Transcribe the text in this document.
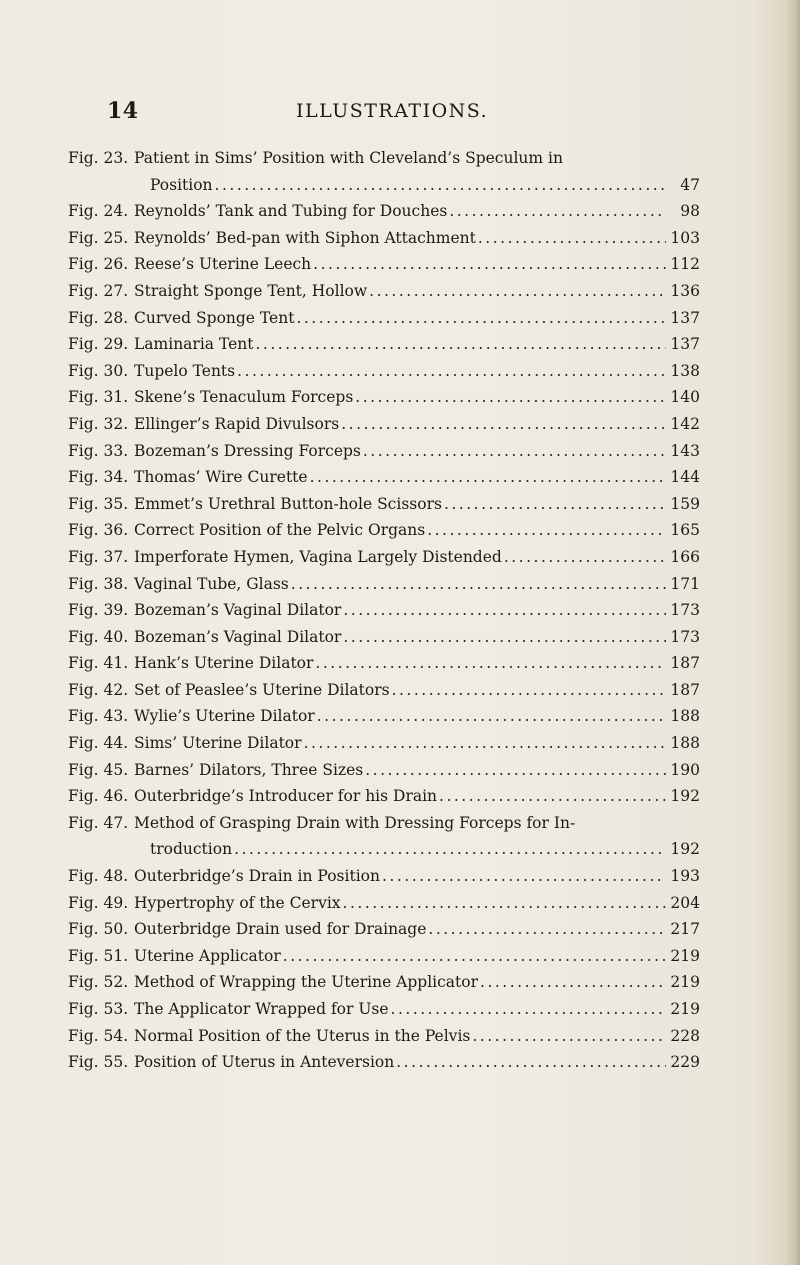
14	ILLUSTRATIONS.
Fig. 23. Patient in Sims’ Position with Cleveland’s Speculum in
Position .....	47
Fig. 24. Reynolds’ Tank and Tubing for Douches .....	98
Fig. 25. Reynolds’ Bed-pan with Siphon Attachment .....	103
Fig. 26. Reese’s Uterine Leech .....	112
Fig. 27. Straight Sponge Tent, Hollow .....	136
Fig. 28. Curved Sponge Tent .....	137
Fig. 29. Laminaria Tent .....	137
Fig. 30. Tupelo Tents .....	138
Fig. 31. Skene’s Tenaculum Forceps .....	140
Fig. 32. Ellinger’s Rapid Divulsors .....	142
Fig. 33. Bozeman’s Dressing Forceps .....	143
Fig. 34. Thomas’ Wire Curette .....	144
Fig. 35. Emmet’s Urethral Button-hole Scissors .....	159
Fig. 36. Correct Position of the Pelvic Organs .....	165
Fig. 37. Imperforate Hymen, Vagina Largely Distended .....	166
Fig. 38. Vaginal Tube, Glass .....	171
Fig. 39. Bozeman’s Vaginal Dilator .....	173
Fig. 40. Bozeman’s Vaginal Dilator .....	173
Fig. 41. Hank’s Uterine Dilator .....	187
Fig. 42. Set of Peaslee’s Uterine Dilators .....	187
Fig. 43. Wylie’s Uterine Dilator .....	188
Fig. 44. Sims’ Uterine Dilator .....	188
Fig. 45. Barnes’ Dilators, Three Sizes .....	190
Fig. 46. Outerbridge’s Introducer for his Drain .....	192
Fig. 47. Method of Grasping Drain with Dressing Forceps for In-
troduction .....	192
Fig. 48. Outerbridge’s Drain in Position .....	193
Fig. 49. Hypertrophy of the Cervix .....	204
Fig. 50. Outerbridge Drain used for Drainage .....	217
Fig. 51. Uterine Applicator .....	219
Fig. 52. Method of Wrapping the Uterine Applicator .....	219
Fig. 53. The Applicator Wrapped for Use .....	219
Fig. 54. Normal Position of the Uterus in the Pelvis .....	228
Fig. 55. Position of Uterus in Anteversion .....	229
